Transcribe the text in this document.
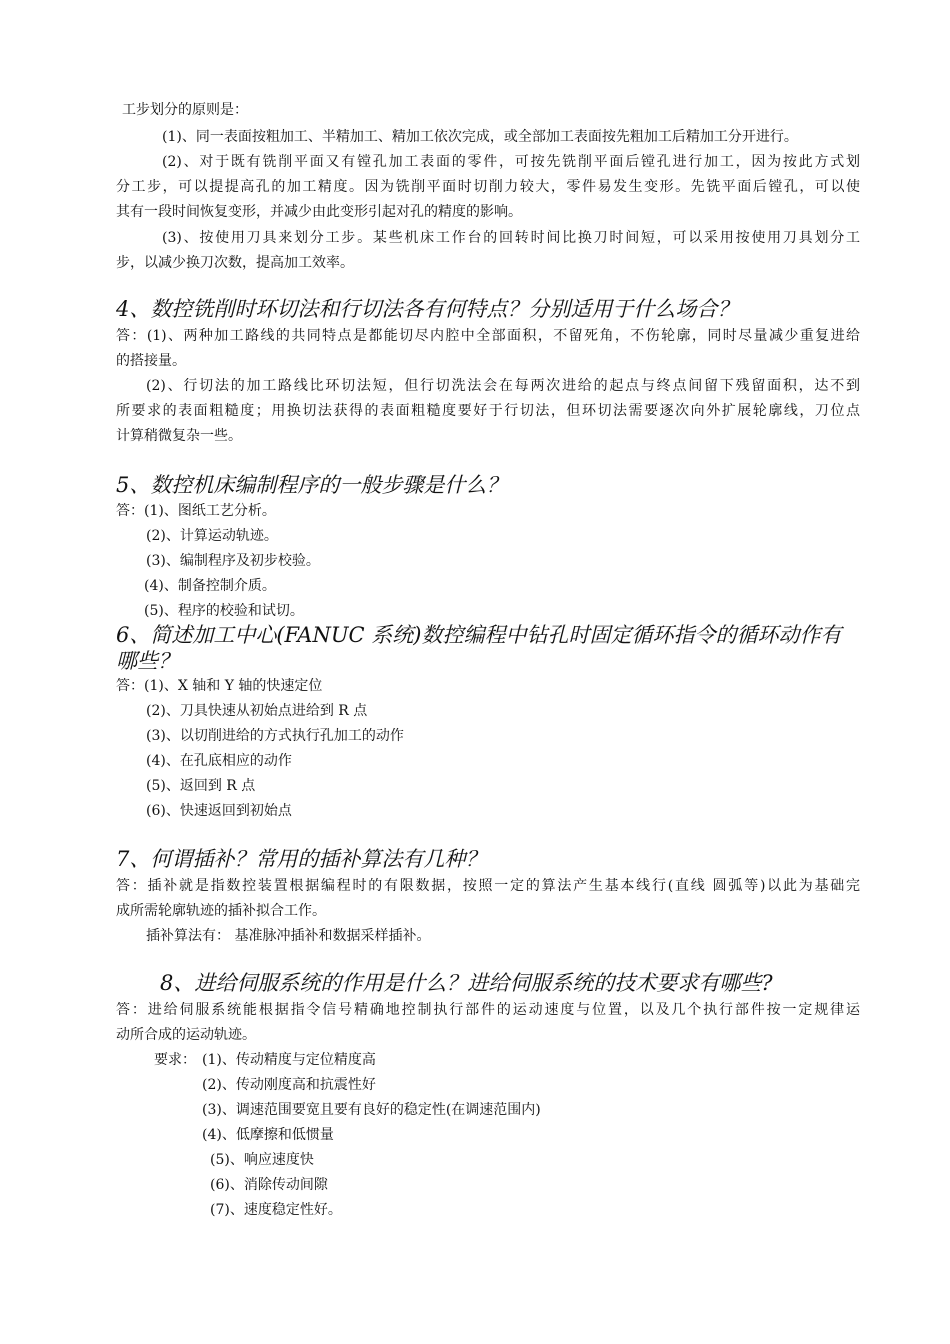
工步划分的原则是：
(1)、同一表面按粗加工、半精加工、精加工依次完成，或全部加工表面按先粗加工后精加工分开进行。
(2)、对于既有铣削平面又有镗孔加工表面的零件，可按先铣削平面后镗孔进行加工，因为按此方式划
分工步，可以提提高孔的加工精度。因为铣削平面时切削力较大，零件易发生变形。先铣平面后镗孔，可以使
其有一段时间恢复变形，并减少由此变形引起对孔的精度的影响。
(3)、按使用刀具来划分工步。某些机床工作台的回转时间比换刀时间短，可以采用按使用刀具划分工
步，以减少换刀次数，提高加工效率。
4、数控铣削时环切法和行切法各有何特点？分别适用于什么场合？
答：(1)、两种加工路线的共同特点是都能切尽内腔中全部面积，不留死角，不伤轮廓，同时尽量减少重复进给
的搭接量。
(2)、行切法的加工路线比环切法短，但行切洗法会在每两次进给的起点与终点间留下残留面积，达不到
所要求的表面粗糙度；用换切法获得的表面粗糙度要好于行切法，但环切法需要逐次向外扩展轮廓线，刀位点
计算稍微复杂一些。
5、数控机床编制程序的一般步骤是什么？
答：(1)、图纸工艺分析。
(2)、计算运动轨迹。
(3)、编制程序及初步校验。
(4)、制备控制介质。
(5)、程序的校验和试切。
6、简述加工中心(FANUC 系统)数控编程中钻孔时固定循环指令的循环动作有
哪些？
答：(1)、X 轴和 Y 轴的快速定位
(2)、刀具快速从初始点进给到 R 点
(3)、以切削进给的方式执行孔加工的动作
(4)、在孔底相应的动作
(5)、返回到 R 点
(6)、快速返回到初始点
7、何谓插补？常用的插补算法有几种？
答：插补就是指数控装置根据编程时的有限数据，按照一定的算法产生基本线行(直线 圆弧等)以此为基础完
成所需轮廓轨迹的插补拟合工作。
插补算法有： 基准脉冲插补和数据采样插补。
8、进给伺服系统的作用是什么？进给伺服系统的技术要求有哪些?
答：进给伺服系统能根据指令信号精确地控制执行部件的运动速度与位置，以及几个执行部件按一定规律运
动所合成的运动轨迹。
要求： (1)、传动精度与定位精度高
(2)、传动刚度高和抗震性好
(3)、调速范围要宽且要有良好的稳定性(在调速范围内)
(4)、低摩擦和低惯量
(5)、响应速度快
(6)、消除传动间隙
(7)、速度稳定性好。
